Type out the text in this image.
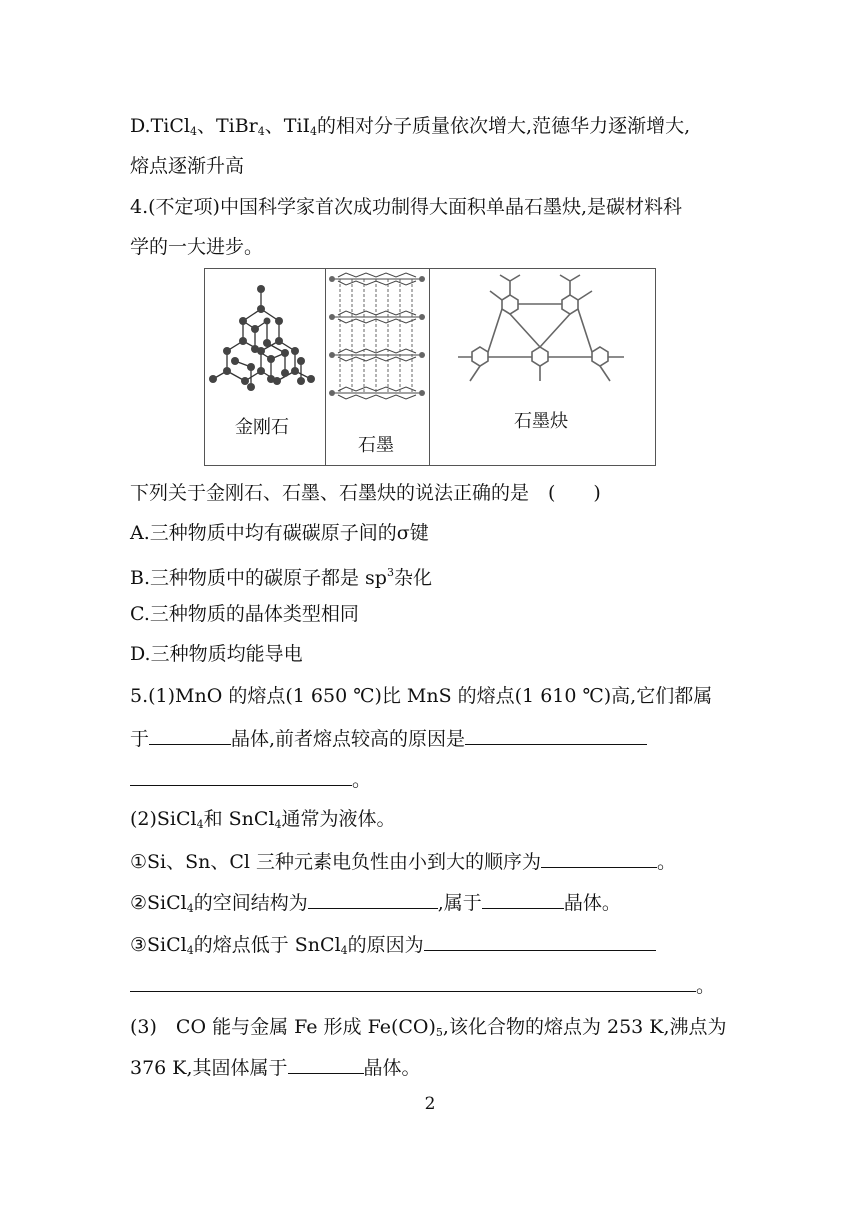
D.TiCl$_4$、TiBr$_4$、TiI$_4$的相对分子质量依次增大,范德华力逐渐增大,
熔点逐渐升高
4.(不定项)中国科学家首次成功制得大面积单晶石墨炔,是碳材料科
学的一大进步。
金刚石
石墨
石墨炔
下列关于金刚石、石墨、石墨炔的说法正确的是　(　　)
A.三种物质中均有碳碳原子间的σ键
B.三种物质中的碳原子都是 $sp^3$杂化
C.三种物质的晶体类型相同
D.三种物质均能导电
5.(1)MnO 的熔点(1 650 ℃)比 MnS 的熔点(1 610 ℃)高,它们都属
于	晶体,前者熔点较高的原因是
。
(2)SiCl$_4$和 SnCl$_4$通常为液体。
①Si、Sn、Cl 三种元素电负性由小到大的顺序为	。
②SiCl$_4$的空间结构为	,属于	晶体。
③SiCl$_4$的熔点低于 SnCl$_4$的原因为
。
(3)　CO 能与金属 Fe 形成 $Fe(CO)_5$,该化合物的熔点为 253 K,沸点为
376 K,其固体属于	晶体。
2
